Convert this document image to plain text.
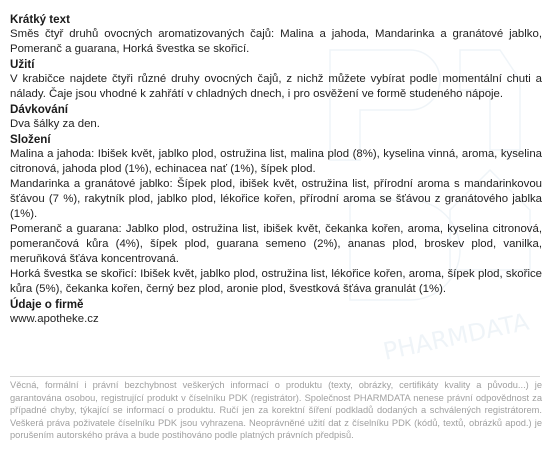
PHARMDATA
Krátký text

Směs čtyř druhů ovocných aromatizovaných čajů: Malina a jahoda, Mandarinka a granátové jablko, Pomeranč a guarana, Horká švestka se skořicí.

Užití

V krabičce najdete čtyři různé druhy ovocných čajů, z nichž můžete vybírat podle momentální chuti a nálady. Čaje jsou vhodné k zahřátí v chladných dnech, i pro osvěžení ve formě studeného nápoje.

Dávkování

Dva šálky za den.

Složení

Malina a jahoda: Ibišek květ, jablko plod, ostružina list, malina plod (8%), kyselina vinná, aroma, kyselina citronová, jahoda plod (1%), echinacea nať (1%), šípek plod.

Mandarinka a granátové jablko: Šípek plod, ibišek květ, ostružina list, přírodní aroma s mandarinkovou šťávou (7 %), rakytník plod, jablko plod, lékořice kořen, přírodní aroma se šťávou z granátového jablka (1%).

Pomeranč a guarana: Jablko plod, ostružina list, ibišek květ, čekanka kořen, aroma, kyselina citronová, pomerančová kůra (4%), šípek plod, guarana semeno (2%), ananas plod, broskev plod, vanilka, meruňková šťáva koncentrovaná.

Horká švestka se skořicí: Ibišek květ, jablko plod, ostružina list, lékořice kořen, aroma, šípek plod, skořice kůra (5%), čekanka kořen, černý bez plod, aronie plod, švestková šťáva granulát (1%).

Údaje o firmě
www.apotheke.cz

Věcná, formální i právní bezchybnost veškerých informací o produktu (texty, obrázky, certifikáty kvality a původu...) je garantována osobou, registrující produkt v číselníku PDK (registrátor). Společnost PHARMDATA nenese právní odpovědnost za případné chyby, týkající se informací o produktu. Ručí jen za korektní šíření podkladů dodaných a schválených registrátorem. Veškerá práva poživatele číselníku PDK jsou vyhrazena. Neoprávněné užití dat z číselníku PDK (kódů, textů, obrázků apod.) je porušením autorského práva a bude postihováno podle platných právních předpisů.
